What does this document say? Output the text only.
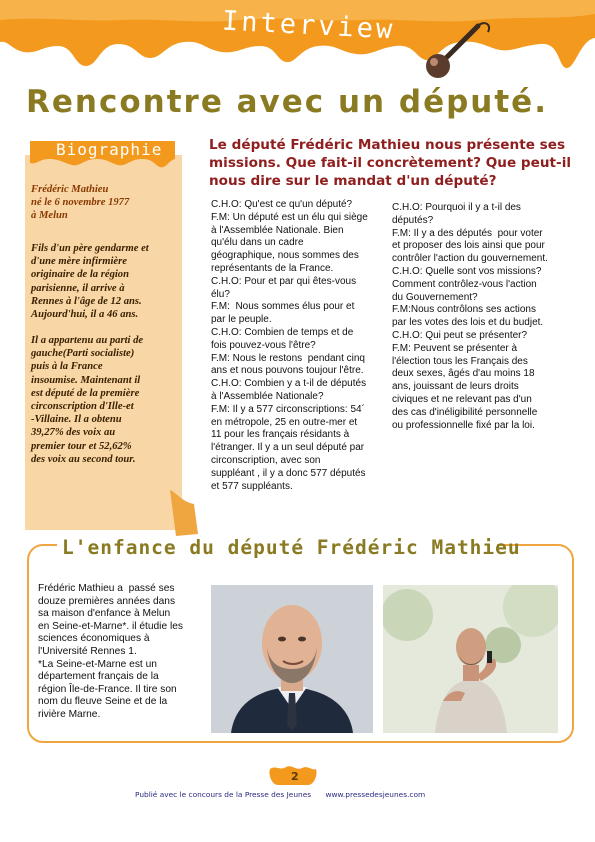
Interview
Rencontre avec un député.
Biographie
Frédéric Mathieu
né le 6 novembre 1977
à Melun
Fils d'un père gendarme et
d'une mère infirmière
originaire de la région
parisienne, il arrive à
Rennes à l'âge de 12 ans.
Aujourd'hui, il a 46 ans.
Il a appartenu au parti de
gauche(Parti socialiste)
puis à la France
insoumise. Maintenant il
est député de la première
circonscription d'Ille-et
-Villaine. Il a obtenu
39,27% des voix au
premier tour et 52,62%
des voix au second tour.
Le député Frédéric Mathieu nous présente ses missions. Que fait-il concrètement? Que peut-il nous dire sur le mandat d'un député?
C.H.O: Qu'est ce qu'un député?
F.M: Un député est un élu qui siège
à l'Assemblée Nationale. Bien
qu'élu dans un cadre
géographique, nous sommes des
représentants de la France.
C.H.O: Pour et par qui êtes-vous
élu?
F.M:  Nous sommes élus pour et
par le peuple.
C.H.O: Combien de temps et de
fois pouvez-vous l'être?
F.M: Nous le restons  pendant cinq
ans et nous pouvons toujour l'être.
C.H.O: Combien y a t-il de députés
à l'Assemblée Nationale?
F.M: Il y a 577 circonscriptions: 54´
en métropole, 25 en outre-mer et
11 pour les français résidants à
l'étranger. Il y a un seul député par
circonscription, avec son
suppléant , il y a donc 577 députés
et 577 suppléants.
C.H.O: Pourquoi il y a t-il des
députés?
F.M: Il y a des députés  pour voter
et proposer des lois ainsi que pour
contrôler l'action du gouvernement.
C.H.O: Quelle sont vos missions?
Comment contrôlez-vous l'action
du Gouvernement?
F.M:Nous contrôlons ses actions
par les votes des lois et du budjet.
C.H.O: Qui peut se présenter?
F.M: Peuvent se présenter à
l'élection tous les Français des
deux sexes, âgés d'au moins 18
ans, jouissant de leurs droits
civiques et ne relevant pas d'un
des cas d'inéligibilité personnelle
ou professionnelle fixé par la loi.
L'enfance du député Frédéric Mathieu
Frédéric Mathieu a  passé ses
douze premières années dans
sa maison d'enfance à Melun
en Seine-et-Marne*. il étudie les
sciences économiques à
l'Université Rennes 1.
*La Seine-et-Marne est un
département français de la
région Île-de-France. Il tire son
nom du fleuve Seine et de la
rivière Marne.
2
Publié avec le concours de la Presse des Jeunes www.pressedesjeunes.com
